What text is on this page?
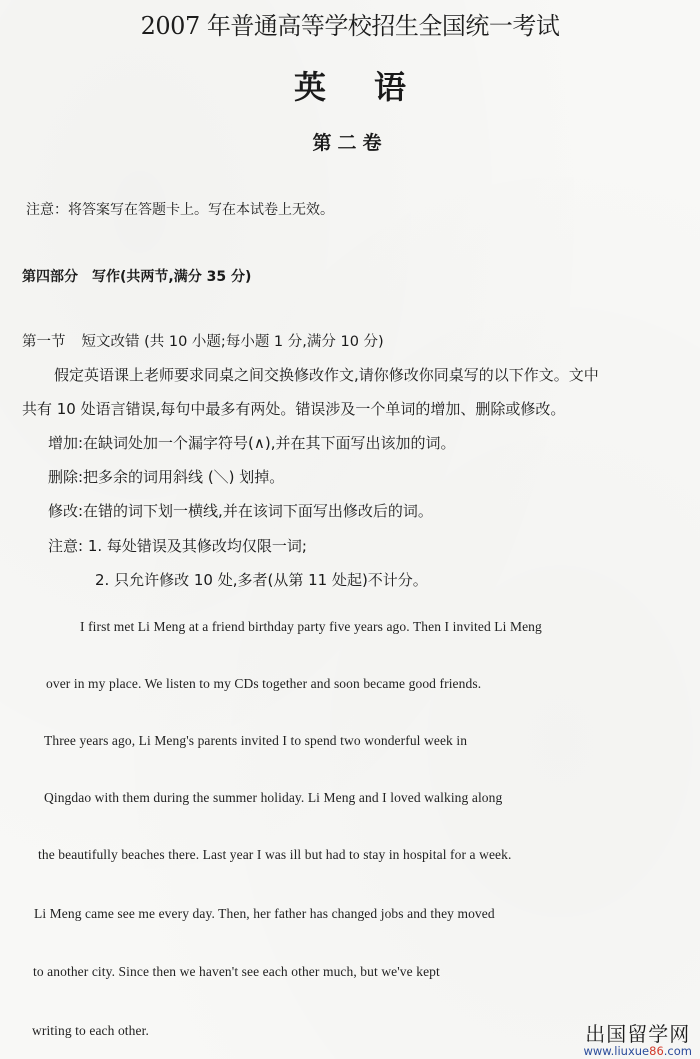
2007 年普通高等学校招生全国统一考试
英语
第二卷
注意：将答案写在答题卡上。写在本试卷上无效。
第四部分 写作(共两节,满分 35 分)
第一节 短文改错 (共 10 小题;每小题 1 分,满分 10 分)
假定英语课上老师要求同桌之间交换修改作文,请你修改你同桌写的以下作文。文中
共有 10 处语言错误,每句中最多有两处。错误涉及一个单词的增加、删除或修改。
增加:在缺词处加一个漏字符号(∧),并在其下面写出该加的词。
删除:把多余的词用斜线 (＼) 划掉。
修改:在错的词下划一横线,并在该词下面写出修改后的词。
注意: 1. 每处错误及其修改均仅限一词;
2. 只允许修改 10 处,多者(从第 11 处起)不计分。
I first met Li Meng at a friend birthday party five years ago. Then I invited Li Meng
over in my place. We listen to my CDs together and soon became good friends.
Three years ago, Li Meng's parents invited I to spend two wonderful week in
Qingdao with them during the summer holiday. Li Meng and I loved walking along
the beautifully beaches there. Last year I was ill but had to stay in hospital for a week.
Li Meng came see me every day. Then, her father has changed jobs and they moved
to another city. Since then we haven't see each other much, but we've kept
writing to each other.	出国留学网
www.liuxue86.com
